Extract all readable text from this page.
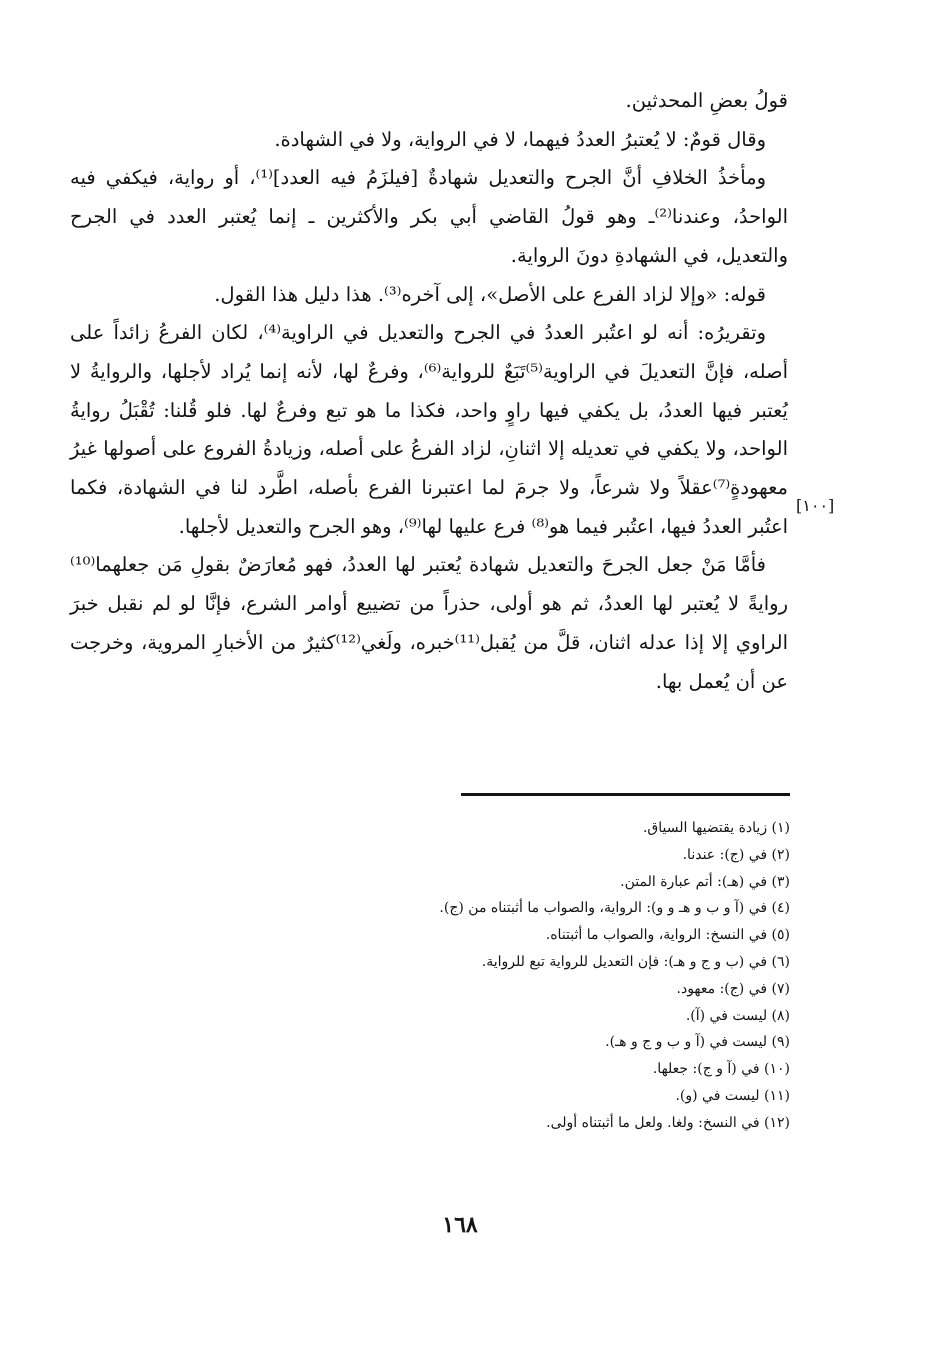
قولُ بعضِ المحدثين.

وقال قومٌ: لا يُعتبرُ العددُ فيهما، لا في الرواية، ولا في الشهادة.

ومأخذُ الخلافِ أنَّ الجرح والتعديل شهادةٌ [فيلزَمُ فيه العدد]⁽¹⁾، أو رواية، فيكفي فيه الواحدُ، وعندنا⁽²⁾ـ وهو قولُ القاضي أبي بكر والأكثرين ـ إنما يُعتبر العدد في الجرح والتعديل، في الشهادةِ دونَ الرواية.

قوله: «وإلا لزاد الفرع على الأصل»، إلى آخره⁽³⁾. هذا دليل هذا القول.

وتقريرُه: أنه لو اعتُبر العددُ في الجرح والتعديل في الراوية⁽⁴⁾، لكان الفرعُ زائداً على أصله، فإنَّ التعديلَ في الراوية⁽⁵⁾تَبَعٌ للرواية⁽⁶⁾، وفرعٌ لها، لأنه إنما يُراد لأجلها، والروايةُ لا يُعتبر فيها العددُ، بل يكفي فيها راوٍ واحد، فكذا ما هو تبع وفرعٌ لها. فلو قُلنا: تُقْبَلُ روايةُ الواحد، ولا يكفي في تعديله إلا اثنانِ، لزاد الفرعُ على أصله، وزيادةُ الفروع على أصولها غيرُ معهودةٍ⁽⁷⁾عقلاً ولا شرعاً، ولا جرمَ لما اعتبرنا الفرع بأصله، اطَّرد لنا في الشهادة، فكما اعتُبر العددُ فيها، اعتُبر فيما هو⁽⁸⁾ فرع عليها لها⁽⁹⁾، وهو الجرح والتعديل لأجلها.

فأمَّا مَنْ جعل الجرحَ والتعديل شهادة يُعتبر لها العددُ، فهو مُعارَضٌ بقولِ مَن جعلهما⁽¹⁰⁾ روايةً لا يُعتبر لها العددُ، ثم هو أولى، حذراً من تضييع أوامر الشرع، فإنَّا لو لم نقبل خبرَ الراوي إلا إذا عدله اثنان، قلَّ من يُقبل⁽¹¹⁾خبره، ولَغي⁽¹²⁾كثيرٌ من الأخبارِ المروية، وخرجت عن أن يُعمل بها.

[١٠٠]
(١) زيادة يقتضيها السياق.
(٢) في (ج): عندنا.
(٣) في (هـ): أتم عبارة المتن.
(٤) في (آ و ب و هـ و و): الرواية، والصواب ما أثبتناه من (ج).
(٥) في النسخ: الرواية، والصواب ما أثبتناه.
(٦) في (ب و ج و هـ): فإن التعديل للرواية تبع للرواية.
(٧) في (ج): معهود.
(٨) ليست في (آ).
(٩) ليست في (آ و ب و ج و هـ).
(١٠) في (آ و ج): جعلها.
(١١) ليست في (و).
(١٢) في النسخ: ولغا. ولعل ما أثبتناه أولى.
١٦٨
